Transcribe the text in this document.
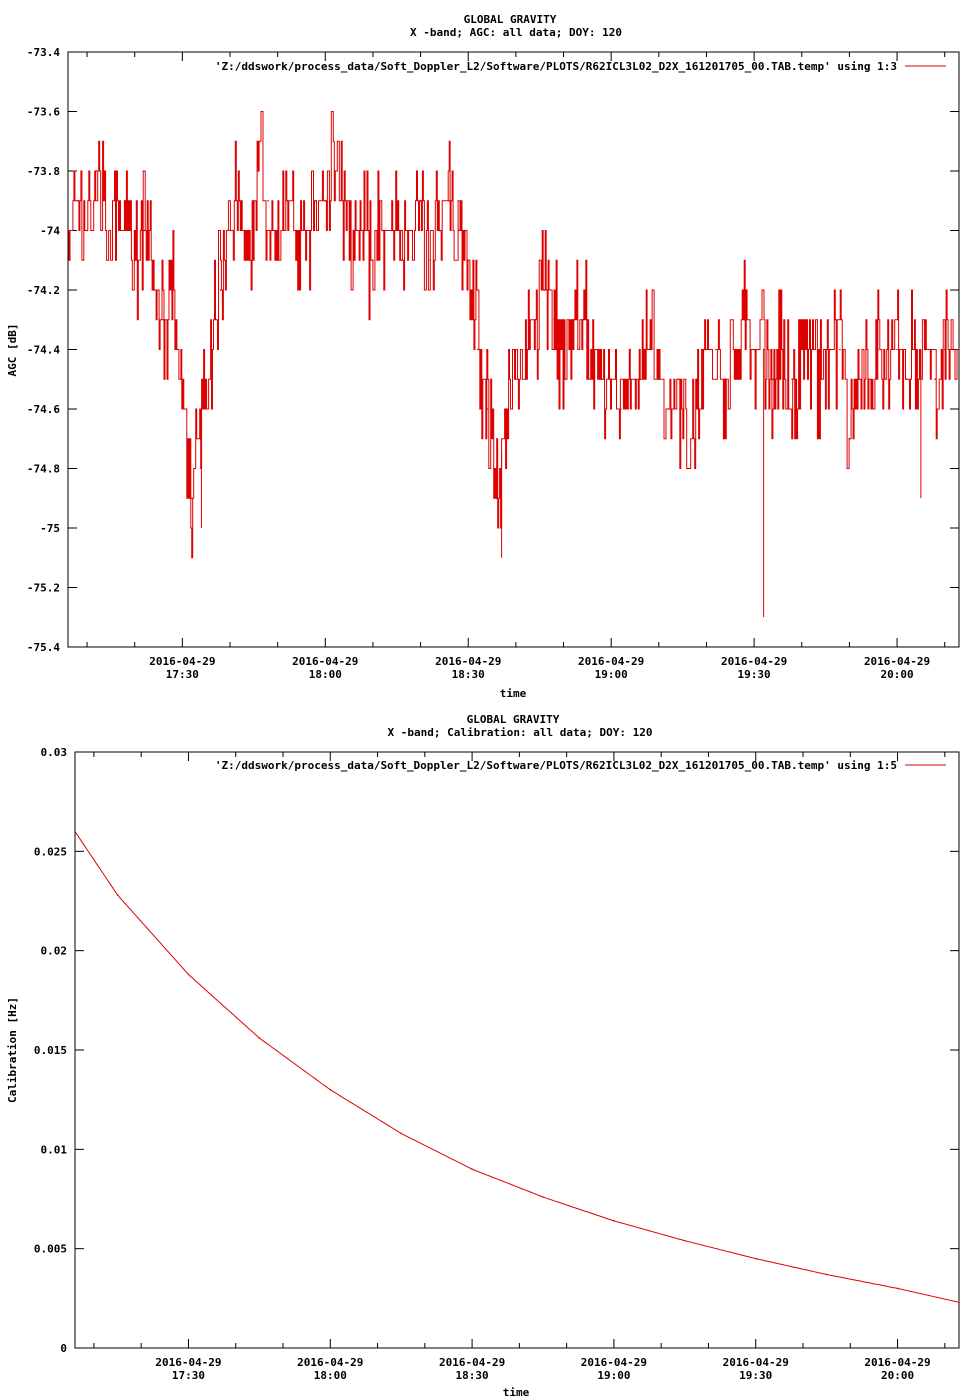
GLOBAL GRAVITY
X -band; AGC: all data; DOY: 120
-73.4
-73.6
-73.8
-74
-74.2
-74.4
-74.6
-74.8
-75
-75.2
-75.4
2016-04-29
17:30
2016-04-29
18:00
2016-04-29
18:30
2016-04-29
19:00
2016-04-29
19:30
2016-04-29
20:00
'Z:/ddswork/process_data/Soft_Doppler_L2/Software/PLOTS/R62ICL3L02_D2X_161201705_00.TAB.temp' using 1:3
AGC [dB]
time
GLOBAL GRAVITY
X -band; Calibration: all data; DOY: 120
0.03
0.025
0.02
0.015
0.01
0.005
0
2016-04-29
17:30
2016-04-29
18:00
2016-04-29
18:30
2016-04-29
19:00
2016-04-29
19:30
2016-04-29
20:00
'Z:/ddswork/process_data/Soft_Doppler_L2/Software/PLOTS/R62ICL3L02_D2X_161201705_00.TAB.temp' using 1:5
Calibration [Hz]
time
